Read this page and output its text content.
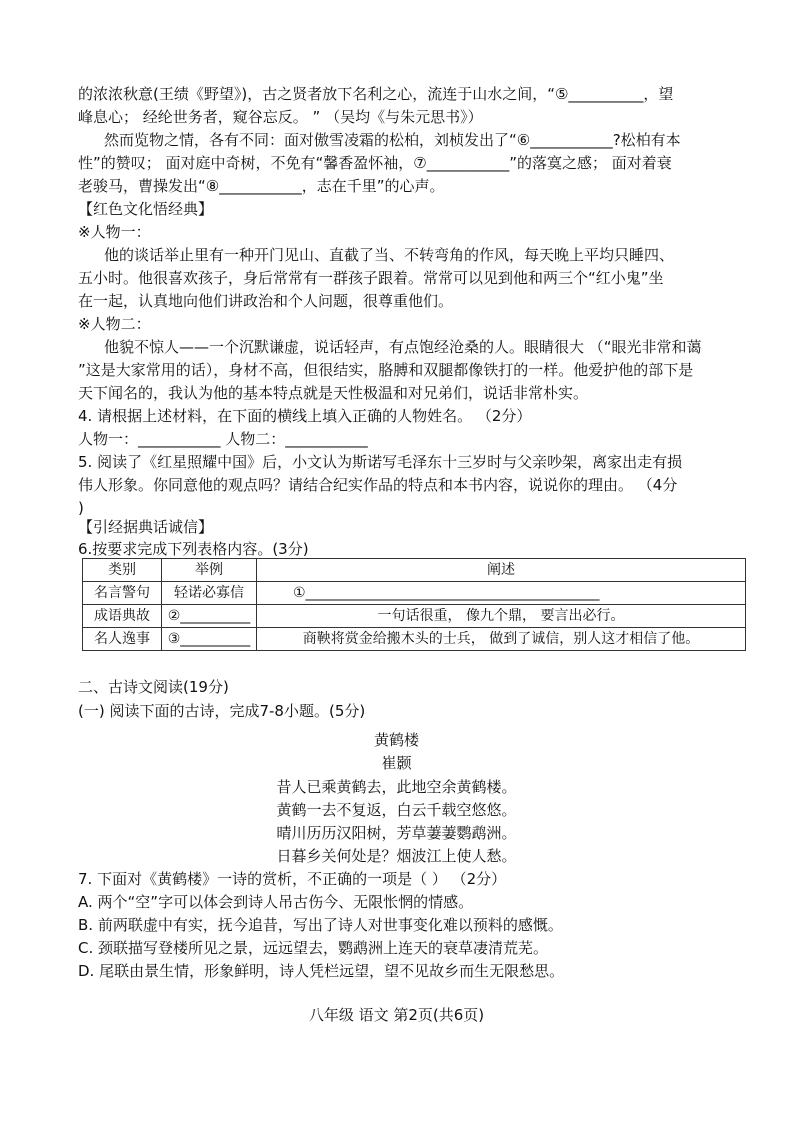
的浓浓秋意(王绩《野望》)，古之贤者放下名利之心，流连于山水之间，“⑤__________，望
峰息心； 经纶世务者，窥谷忘反。 ” （吴均《与朱元思书》）
然而览物之情，各有不同：面对傲雪凌霜的松柏，刘桢发出了“⑥___________?松柏有本
性”的赞叹； 面对庭中奇树，不免有“馨香盈怀袖，⑦___________”的落寞之感； 面对着衰
老骏马，曹操发出“⑧___________，志在千里”的心声。
【红色文化悟经典】
※人物一：
他的谈话举止里有一种开门见山、直截了当、不转弯角的作风，每天晚上平均只睡四、
五小时。他很喜欢孩子，身后常常有一群孩子跟着。常常可以见到他和两三个“红小鬼”坐
在一起，认真地向他们讲政治和个人问题，很尊重他们。
※人物二：
他貌不惊人——一个沉默谦虚，说话轻声，有点饱经沧桑的人。眼睛很大 （“眼光非常和蔼
”这是大家常用的话），身材不高，但很结实，胳膊和双腿都像铁打的一样。他爱护他的部下是
天下闻名的，我认为他的基本特点就是天性极温和对兄弟们，说话非常朴实。
4. 请根据上述材料，在下面的横线上填入正确的人物姓名。 （2分）
人物一：___________ 人物二：___________
5. 阅读了《红星照耀中国》后，小文认为斯诺写毛泽东十三岁时与父亲吵架，离家出走有损
伟人形象。你同意他的观点吗？请结合纪实作品的特点和本书内容，说说你的理由。 （4分
)
【引经据典话诚信】
6.按要求完成下列表格内容。(3分)
类别	举例	阐述
名言警句	轻诺必寡信	①__________________________________________
成语典故	②__________	一句话很重， 像九个鼎， 要言出必行。
名人逸事	③__________	商鞅将赏金给搬木头的士兵， 做到了诚信，别人这才相信了他。
二、古诗文阅读(19分)
(一) 阅读下面的古诗，完成7-8小题。(5分)
黄鹤楼
崔颢
昔人已乘黄鹤去，此地空余黄鹤楼。
黄鹤一去不复返，白云千载空悠悠。
晴川历历汉阳树，芳草萋萋鹦鹉洲。
日暮乡关何处是？烟波江上使人愁。
7. 下面对《黄鹤楼》一诗的赏析，不正确的一项是（ ） （2分）
A. 两个“空”字可以体会到诗人吊古伤今、无限怅惘的情感。
B. 前两联虚中有实，抚今追昔，写出了诗人对世事变化难以预料的感慨。
C. 颈联描写登楼所见之景，远远望去，鹦鹉洲上连天的衰草凄清荒芜。
D. 尾联由景生情，形象鲜明，诗人凭栏远望，望不见故乡而生无限愁思。
八年级 语文 第2页(共6页)
